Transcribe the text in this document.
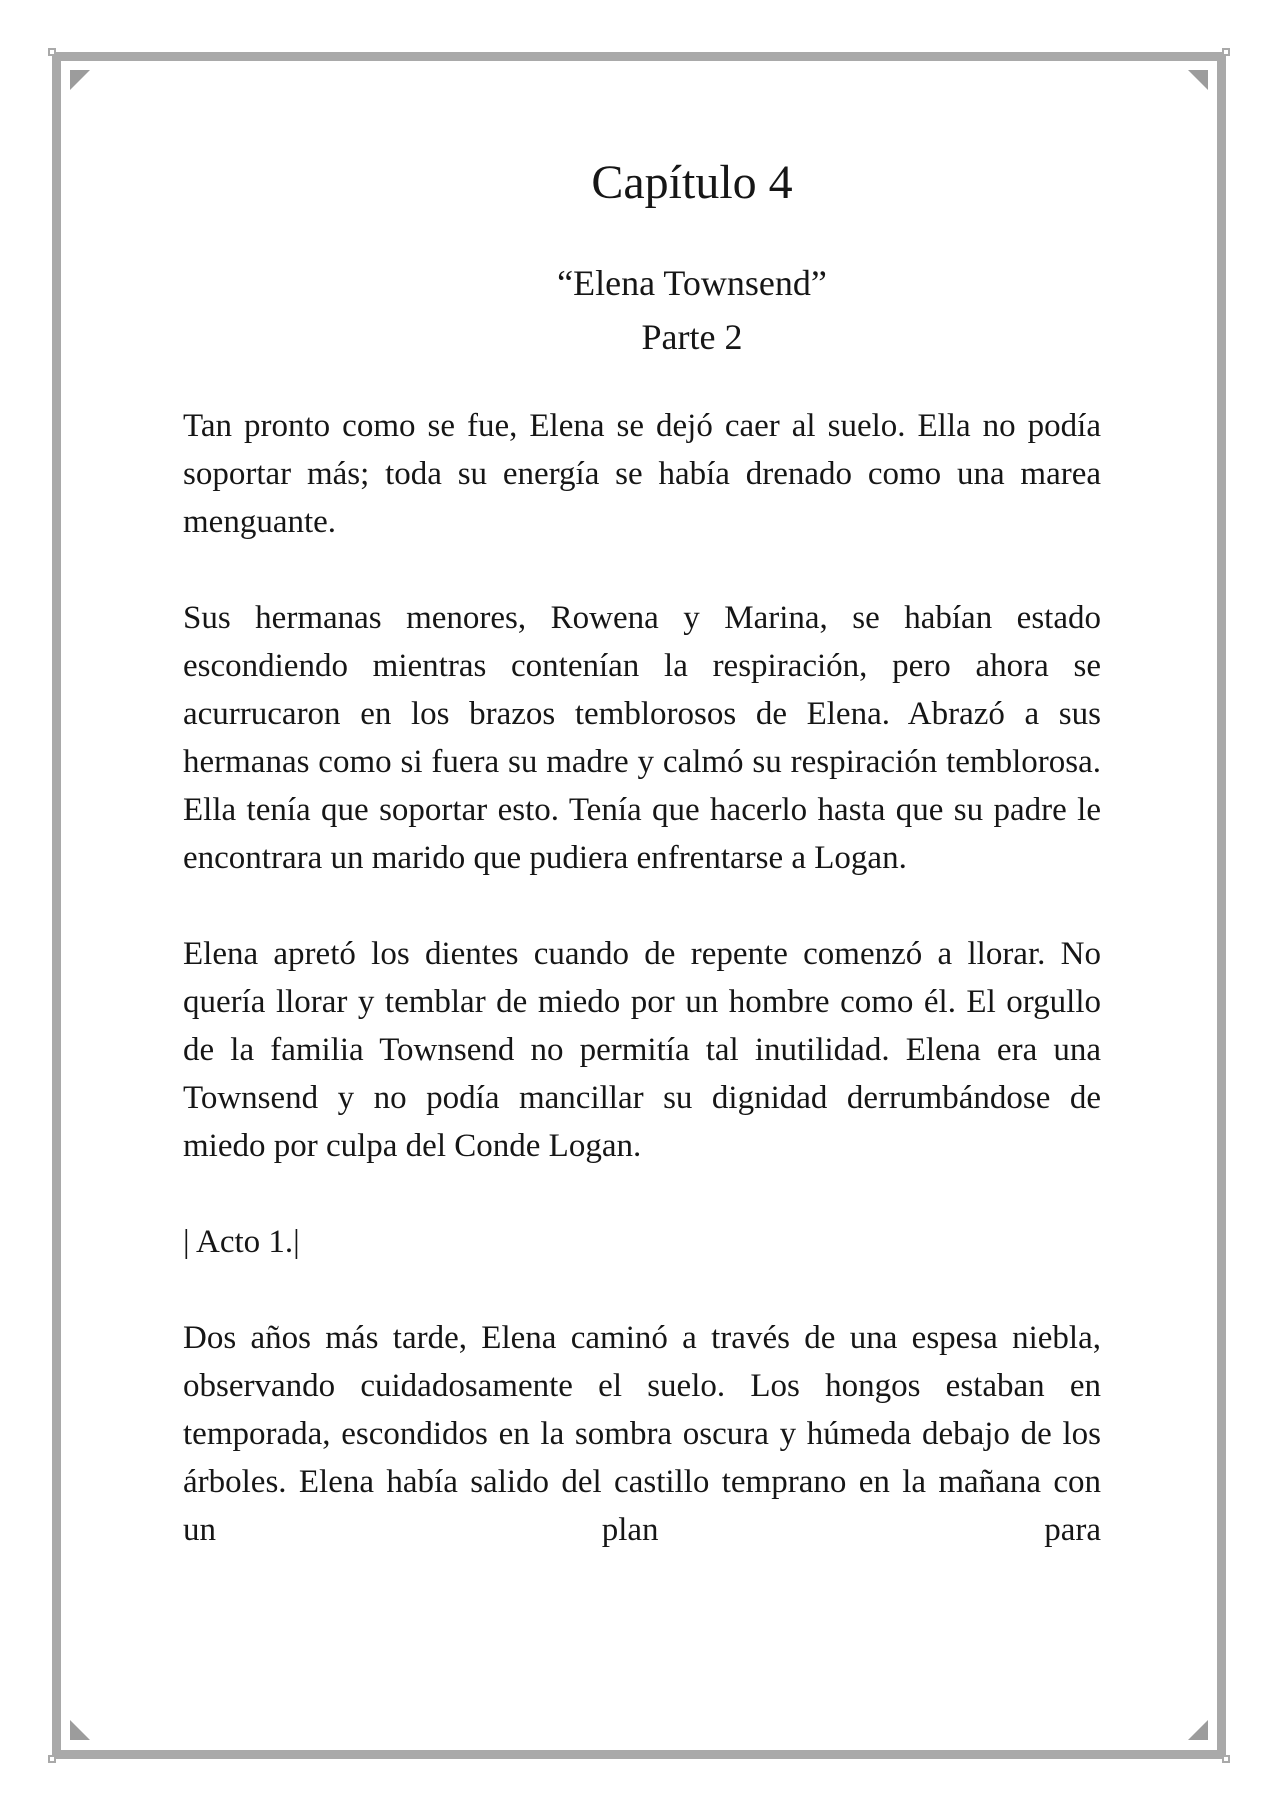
Capítulo 4
“Elena Townsend”
Parte 2

Tan pronto como se fue, Elena se dejó caer al suelo. Ella no podía soportar más; toda su energía se había drenado como una marea menguante.

Sus hermanas menores, Rowena y Marina, se habían estado escondiendo mientras contenían la respiración, pero ahora se acurrucaron en los brazos temblorosos de Elena. Abrazó a sus hermanas como si fuera su madre y calmó su respiración temblorosa. Ella tenía que soportar esto. Tenía que hacerlo hasta que su padre le encontrara un marido que pudiera enfrentarse a Logan.

Elena apretó los dientes cuando de repente comenzó a llorar. No quería llorar y temblar de miedo por un hombre como él. El orgullo de la familia Townsend no permitía tal inutilidad. Elena era una Townsend y no podía mancillar su dignidad derrumbándose de miedo por culpa del Conde Logan.

| Acto 1.|

Dos años más tarde, Elena caminó a través de una espesa niebla, observando cuidadosamente el suelo. Los hongos estaban en temporada, escondidos en la sombra oscura y húmeda debajo de los árboles. Elena había salido del castillo temprano en la mañana con un plan para
